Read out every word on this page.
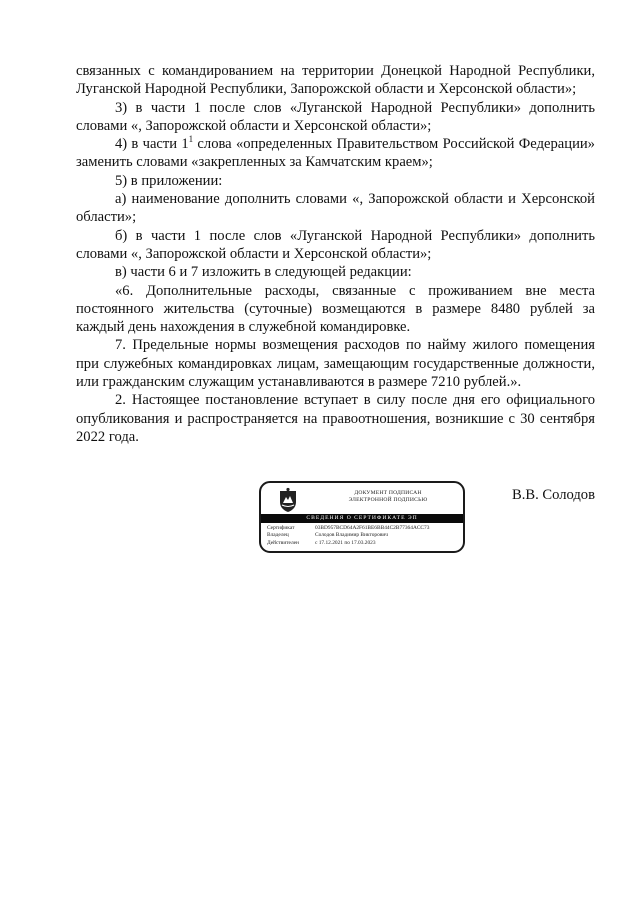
связанных с командированием на территории Донецкой Народной Республики, Луганской Народной Республики, Запорожской области и Херсонской области»;

3) в части 1 после слов «Луганской Народной Республики» дополнить словами «, Запорожской области и Херсонской области»;

4) в части $1^1$ слова «определенных Правительством Российской Федерации» заменить словами «закрепленных за Камчатским краем»;

5) в приложении:

а) наименование дополнить словами «, Запорожской области и Херсонской области»;

б) в части 1 после слов «Луганской Народной Республики» дополнить словами «, Запорожской области и Херсонской области»;

в) части 6 и 7 изложить в следующей редакции:

«6. Дополнительные расходы, связанные с проживанием вне места постоянного жительства (суточные) возмещаются в размере 8480 рублей за каждый день нахождения в служебной командировке.

7. Предельные нормы возмещения расходов по найму жилого помещения при служебных командировках лицам, замещающим государственные должности, или гражданским служащим устанавливаются в размере 7210 рублей.».

2. Настоящее постановление вступает в силу после дня его официального опубликования и распространяется на правоотношения, возникшие с 30 сентября 2022 года.

ДОКУМЕНТ ПОДПИСАН
ЭЛЕКТРОННОЙ ПОДПИСЬЮ
СВЕДЕНИЯ О СЕРТИФИКАТЕ ЭП
Сертификат	03BD957BCD64A2F61BE6BB44C2B77364ACC73
Владелец	Солодов Владимир Викторович
Действителен	с 17.12.2021 по 17.03.2023
В.В. Солодов
